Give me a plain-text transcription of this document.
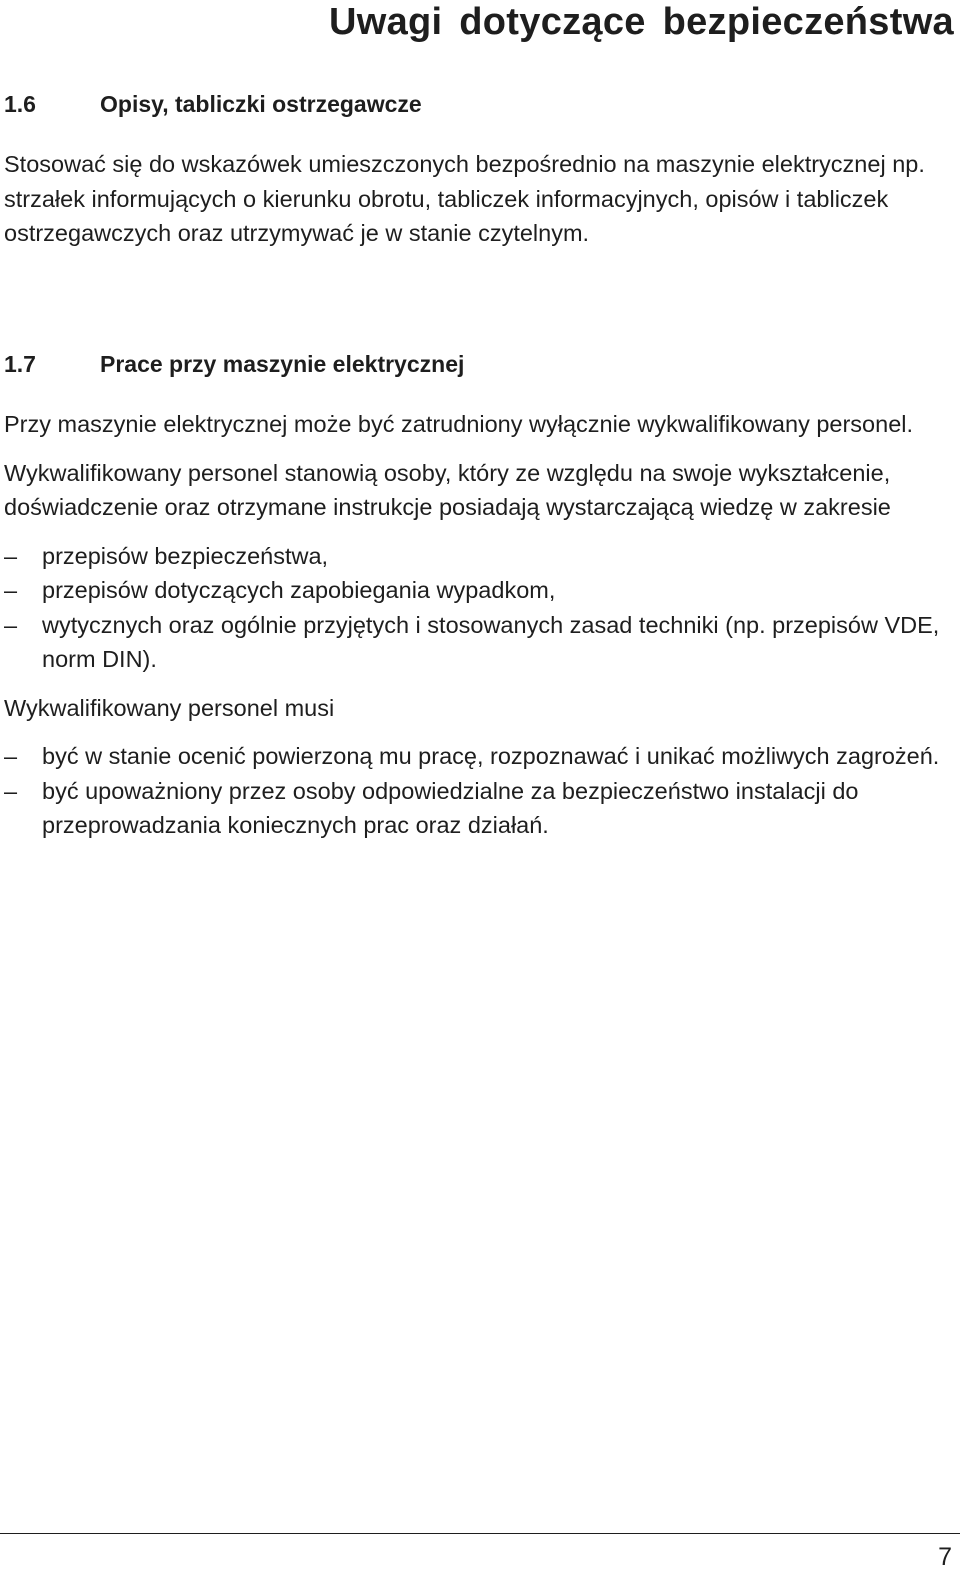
Uwagi dotyczące bezpieczeństwa
1.6	Opisy, tabliczki ostrzegawcze

Stosować się do wskazówek umieszczonych bezpośrednio na maszynie elektrycznej np. strzałek informujących o kierunku obrotu, tabliczek informacyjnych, opisów i tabliczek ostrzegawczych oraz utrzymywać je w stanie czytelnym.

1.7	Prace przy maszynie elektrycznej

Przy maszynie elektrycznej może być zatrudniony wyłącznie wykwalifikowany personel.

Wykwalifikowany personel stanowią osoby, który ze względu na swoje wykształcenie, doświadczenie oraz otrzymane instrukcje posiadają wystarczającą wiedzę w zakresie

–	przepisów bezpieczeństwa,
–	przepisów dotyczących zapobiegania wypadkom,
–	wytycznych oraz ogólnie przyjętych i stosowanych zasad techniki (np. przepisów VDE, norm DIN).

Wykwalifikowany personel musi

–	być w stanie ocenić powierzoną mu pracę, rozpoznawać i unikać możliwych zagrożeń.
–	być upoważniony przez osoby odpowiedzialne za bezpieczeństwo instalacji do przeprowadzania koniecznych prac oraz działań.
7
